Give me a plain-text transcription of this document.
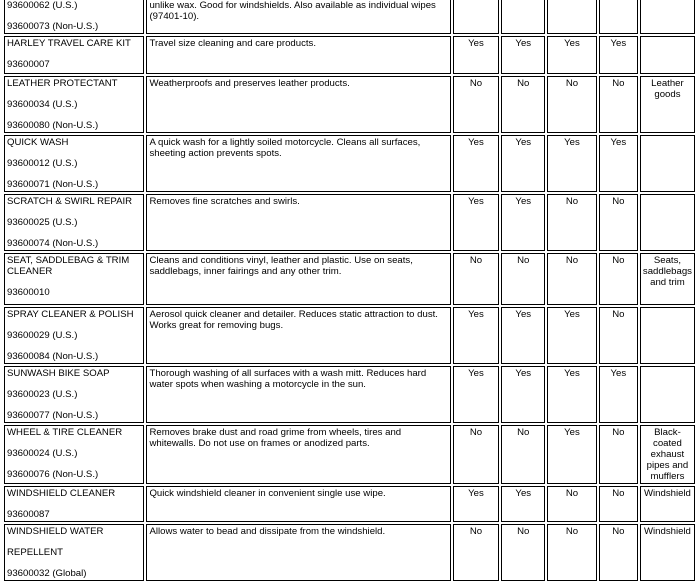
93600062 (U.S.)
93600073 (Non-U.S.)	unlike wax. Good for windshields. Also available as individual wipes (97401-10).					

HARLEY TRAVEL CARE KIT
93600007	Travel size cleaning and care products.	Yes	Yes	Yes	Yes	

LEATHER PROTECTANT
93600034 (U.S.)
93600080 (Non-U.S.)	Weatherproofs and preserves leather products.	No	No	No	No	Leather goods

QUICK WASH
93600012 (U.S.)
93600071 (Non-U.S.)	A quick wash for a lightly soiled motorcycle. Cleans all surfaces, sheeting action prevents spots.	Yes	Yes	Yes	Yes	

SCRATCH & SWIRL REPAIR
93600025 (U.S.)
93600074 (Non-U.S.)	Removes fine scratches and swirls.	Yes	Yes	No	No	

SEAT, SADDLEBAG & TRIM CLEANER
93600010	Cleans and conditions vinyl, leather and plastic. Use on seats, saddlebags, inner fairings and any other trim.	No	No	No	No	Seats, saddlebags and trim

SPRAY CLEANER & POLISH
93600029 (U.S.)
93600084 (Non-U.S.)	Aerosol quick cleaner and detailer. Reduces static attraction to dust. Works great for removing bugs.	Yes	Yes	Yes	No	

SUNWASH BIKE SOAP
93600023 (U.S.)
93600077 (Non-U.S.)	Thorough washing of all surfaces with a wash mitt. Reduces hard water spots when washing a motorcycle in the sun.	Yes	Yes	Yes	Yes	

WHEEL & TIRE CLEANER
93600024 (U.S.)
93600076 (Non-U.S.)	Removes brake dust and road grime from wheels, tires and whitewalls. Do not use on frames or anodized parts.	No	No	Yes	No	Black-coated exhaust pipes and mufflers

WINDSHIELD CLEANER
93600087	Quick windshield cleaner in convenient single use wipe.	Yes	Yes	No	No	Windshield

WINDSHIELD WATER
REPELLENT
93600032 (Global)	Allows water to bead and dissipate from the windshield.	No	No	No	No	Windshield
